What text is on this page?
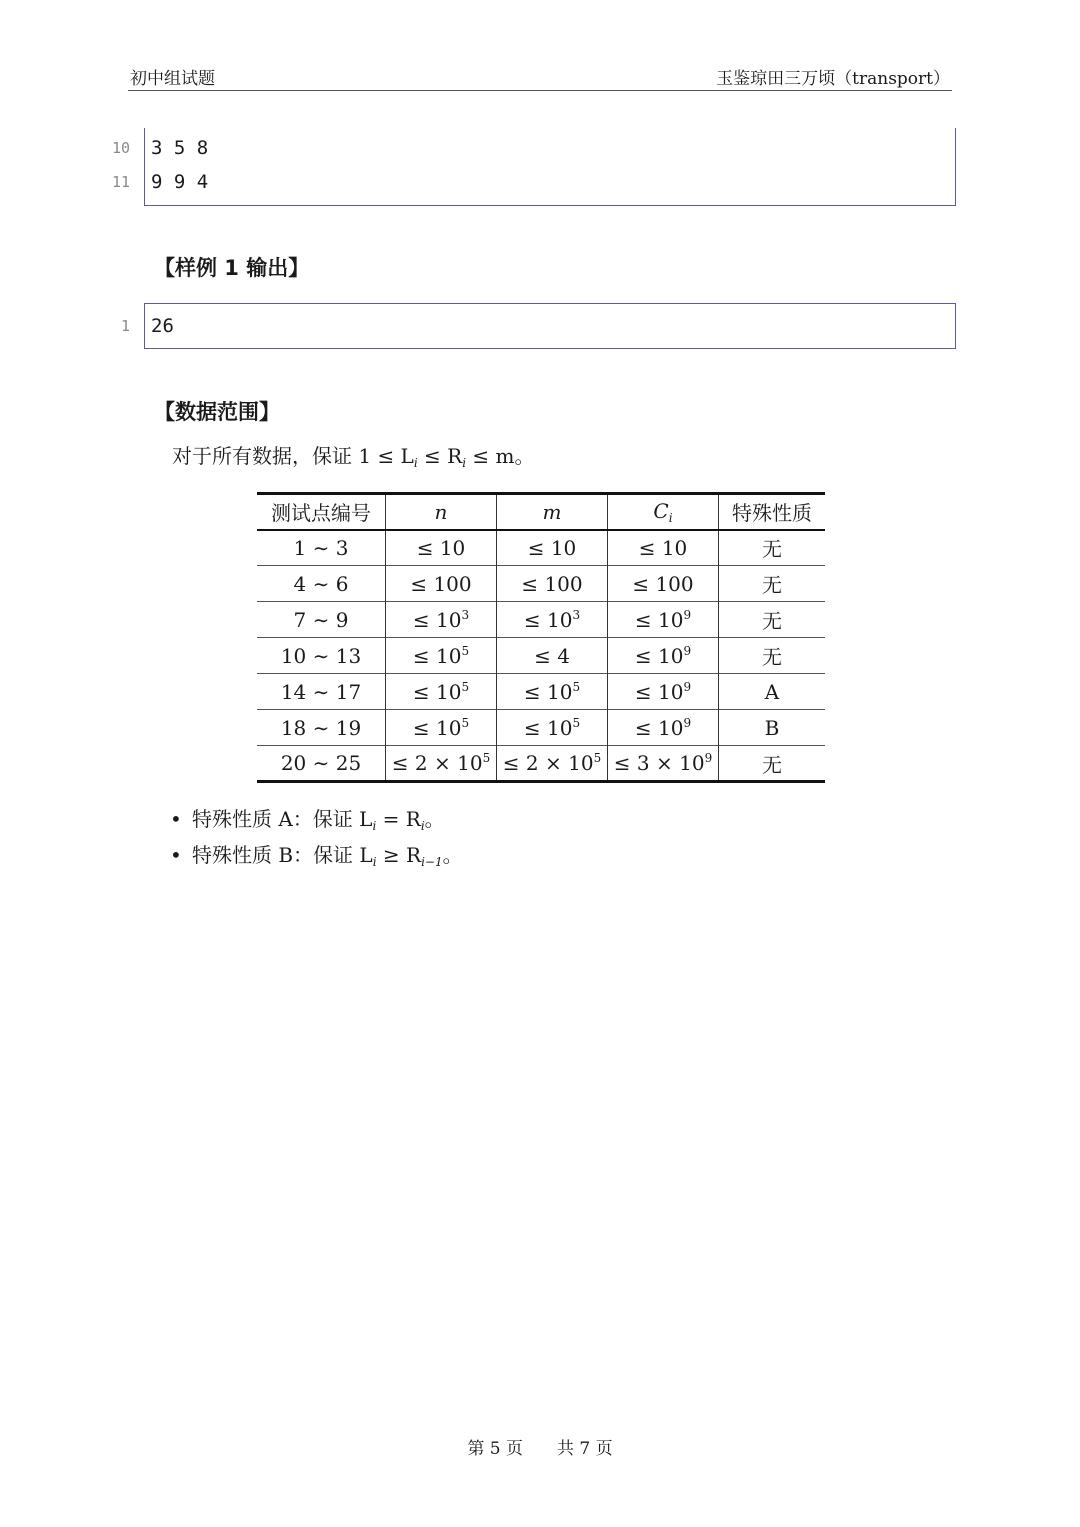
初中组试题	玉鉴琼田三万顷（transport）
10
11
3 5 8
9 9 4
【样例 1 输出】
1 26
【数据范围】
对于所有数据，保证 $1 \le L_i \le R_i \le m$。
测试点编号	n	m	$C_i$	特殊性质
1 ∼ 3	≤ 10	≤ 10	≤ 10	无
4 ∼ 6	≤ 100	≤ 100	≤ 100	无
7 ∼ 9	≤ $10^3$	≤ $10^3$	≤ $10^9$	无
10 ∼ 13	≤ $10^5$	≤ 4	≤ $10^9$	无
14 ∼ 17	≤ $10^5$	≤ $10^5$	≤ $10^9$	A
18 ∼ 19	≤ $10^5$	≤ $10^5$	≤ $10^9$	B
20 ∼ 25	≤ $2 \times 10^5$	≤ $2 \times 10^5$	≤ $3 \times 10^9$	无
• 特殊性质 A：保证 $L_i = R_i$。
• 特殊性质 B：保证 $L_i \ge R_{i-1}$。
第 5 页 共 7 页
